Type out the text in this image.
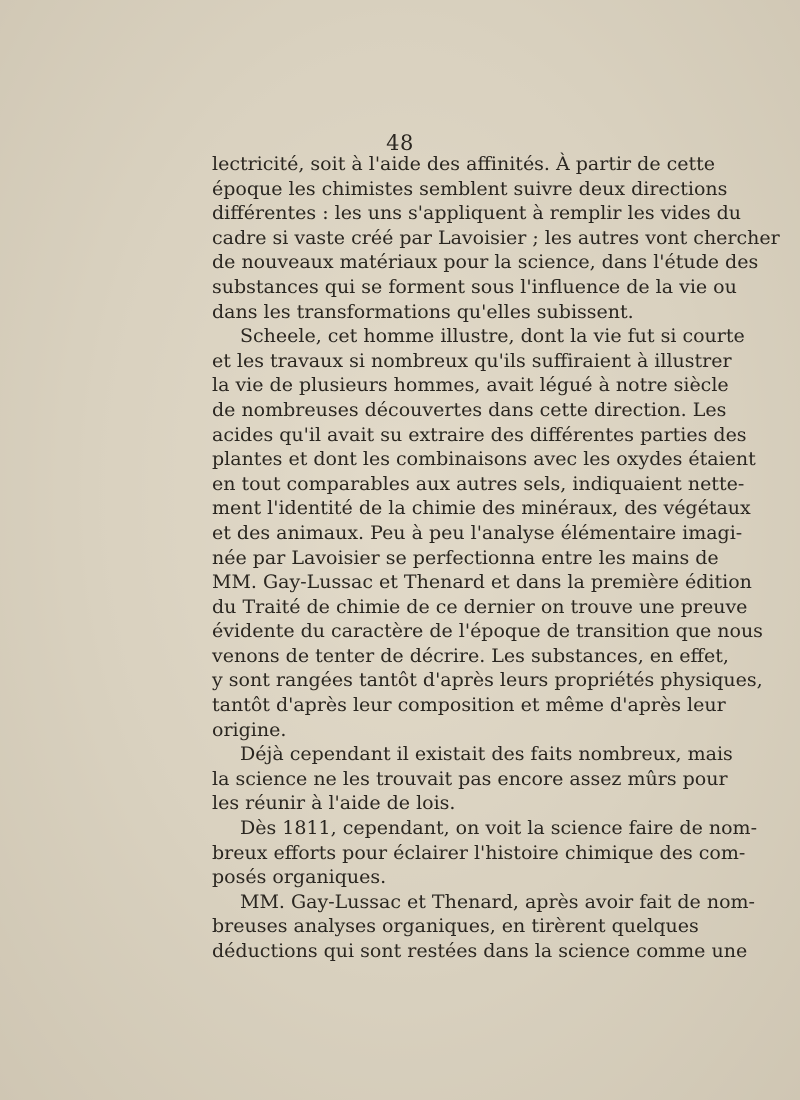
48
lectricité, soit à l'aide des affinités. À partir de cette
époque les chimistes semblent suivre deux directions
différentes : les uns s'appliquent à remplir les vides du
cadre si vaste créé par Lavoisier ; les autres vont chercher
de nouveaux matériaux pour la science, dans l'étude des
substances qui se forment sous l'influence de la vie ou
dans les transformations qu'elles subissent.
Scheele, cet homme illustre, dont la vie fut si courte
et les travaux si nombreux qu'ils suffiraient à illustrer
la vie de plusieurs hommes, avait légué à notre siècle
de nombreuses découvertes dans cette direction. Les
acides qu'il avait su extraire des différentes parties des
plantes et dont les combinaisons avec les oxydes étaient
en tout comparables aux autres sels, indiquaient nette-
ment l'identité de la chimie des minéraux, des végétaux
et des animaux. Peu à peu l'analyse élémentaire imagi-
née par Lavoisier se perfectionna entre les mains de
MM. Gay-Lussac et Thenard et dans la première édition
du Traité de chimie de ce dernier on trouve une preuve
évidente du caractère de l'époque de transition que nous
venons de tenter de décrire. Les substances, en effet,
y sont rangées tantôt d'après leurs propriétés physiques,
tantôt d'après leur composition et même d'après leur
origine.
Déjà cependant il existait des faits nombreux, mais
la science ne les trouvait pas encore assez mûrs pour
les réunir à l'aide de lois.
Dès 1811, cependant, on voit la science faire de nom-
breux efforts pour éclairer l'histoire chimique des com-
posés organiques.
MM. Gay-Lussac et Thenard, après avoir fait de nom-
breuses analyses organiques, en tirèrent quelques
déductions qui sont restées dans la science comme une
